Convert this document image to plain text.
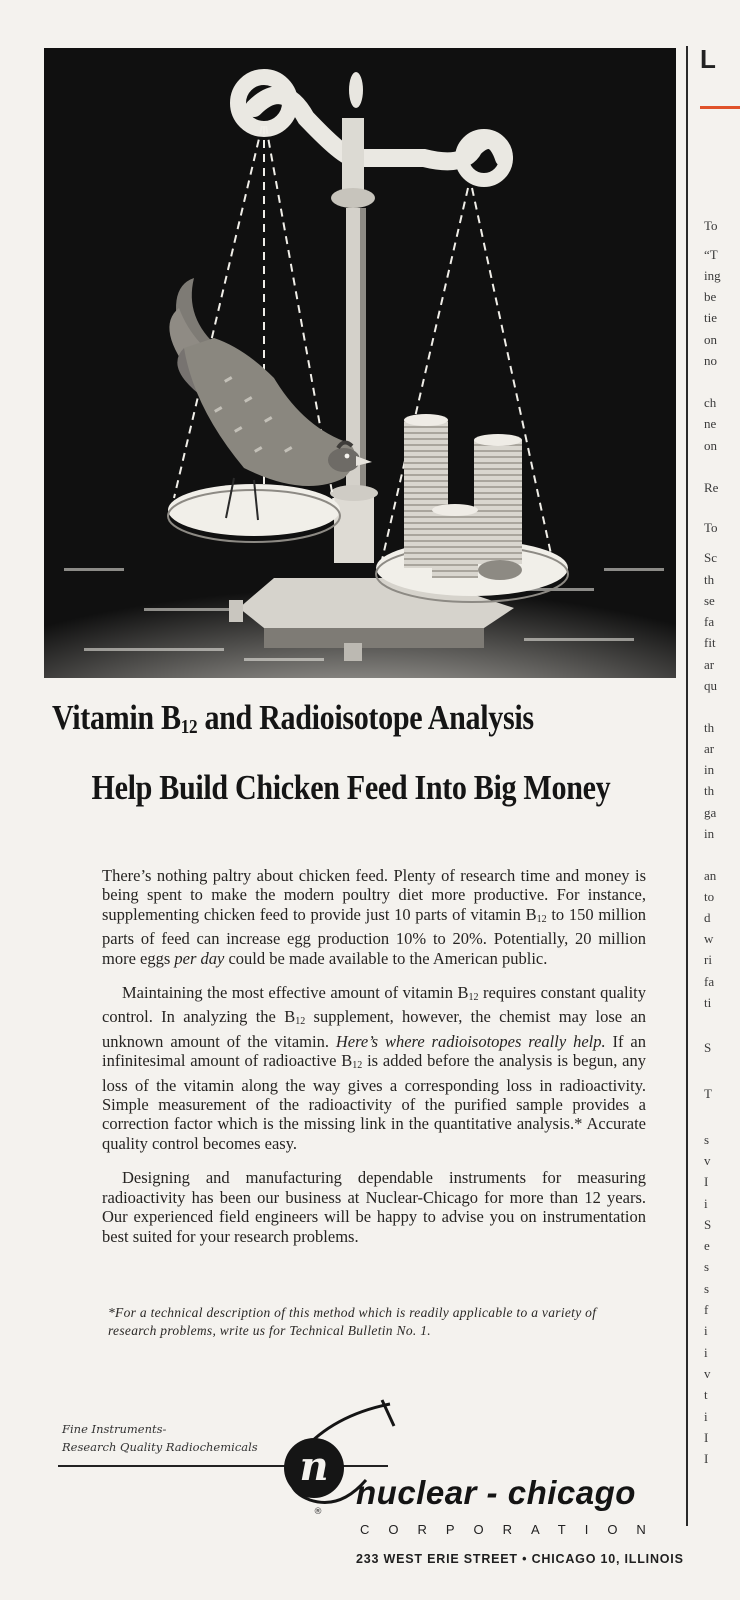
L
To
“T
ing
be
tie
on
no
ch
ne
on
Re
To
Sc
th
se
fa
fit
ar
qu
th
ar
in
th
ga
in
an
to
d
w
ri
fa
ti
S
T
s
v
I
i
S
e
s
s
f
i
i
v
t
i
I
I
Vitamin $B_{12}$ and Radioisotope Analysis
Help Build Chicken Feed Into Big Money

There’s nothing paltry about chicken feed. Plenty of research time and money is being spent to make the modern poultry diet more productive. For instance, supplementing chicken feed to provide just 10 parts of vitamin $B_{12}$ to 150 million parts of feed can increase egg production 10% to 20%. Potentially, 20 million more eggs per day could be made available to the American public.

Maintaining the most effective amount of vitamin $B_{12}$ requires constant quality control. In analyzing the $B_{12}$ supplement, however, the chemist may lose an unknown amount of the vitamin. Here’s where radioisotopes really help. If an infinitesimal amount of radioactive $B_{12}$ is added before the analysis is begun, any loss of the vitamin along the way gives a corresponding loss in radioactivity. Simple measurement of the radioactivity of the purified sample provides a correction factor which is the missing link in the quantitative analysis.* Accurate quality control becomes easy.

Designing and manufacturing dependable instruments for measuring radioactivity has been our business at Nuclear-Chicago for more than 12 years. Our experienced field engineers will be happy to advise you on instrumentation best suited for your research problems.

*For a technical description of this method which is readily applicable to a variety of research problems, write us for Technical Bulletin No. 1.
Fine Instruments-
Research Quality Radiochemicals n
®
nuclear - chicago
CORPORATION
233 WEST ERIE STREET • CHICAGO 10, ILLINOIS
